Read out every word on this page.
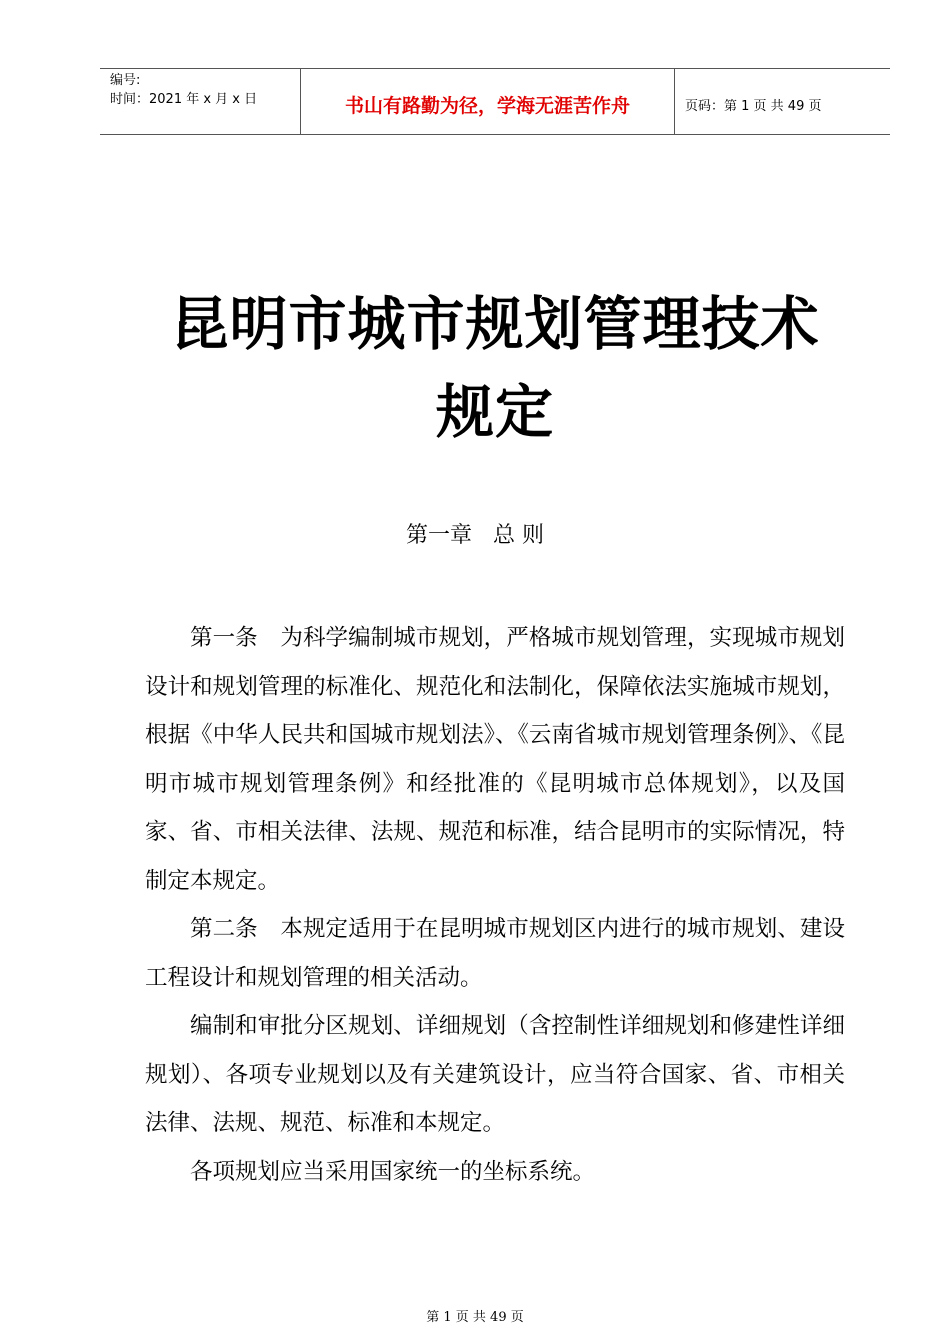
编号:
时间：2021 年 x 月 x 日	书山有路勤为径，学海无涯苦作舟	页码：第 1 页 共 49 页
昆明市城市规划管理技术规定
第一章   总 则

第一条　为科学编制城市规划，严格城市规划管理，实现城市规划设计和规划管理的标准化、规范化和法制化，保障依法实施城市规划，根据《中华人民共和国城市规划法》、《云南省城市规划管理条例》、《昆明市城市规划管理条例》和经批准的《昆明城市总体规划》，以及国家、省、市相关法律、法规、规范和标准，结合昆明市的实际情况，特制定本规定。

第二条　本规定适用于在昆明城市规划区内进行的城市规划、建设工程设计和规划管理的相关活动。

编制和审批分区规划、详细规划（含控制性详细规划和修建性详细规划）、各项专业规划以及有关建筑设计，应当符合国家、省、市相关法律、法规、规范、标准和本规定。

各项规划应当采用国家统一的坐标系统。

第 1 页 共 49 页
